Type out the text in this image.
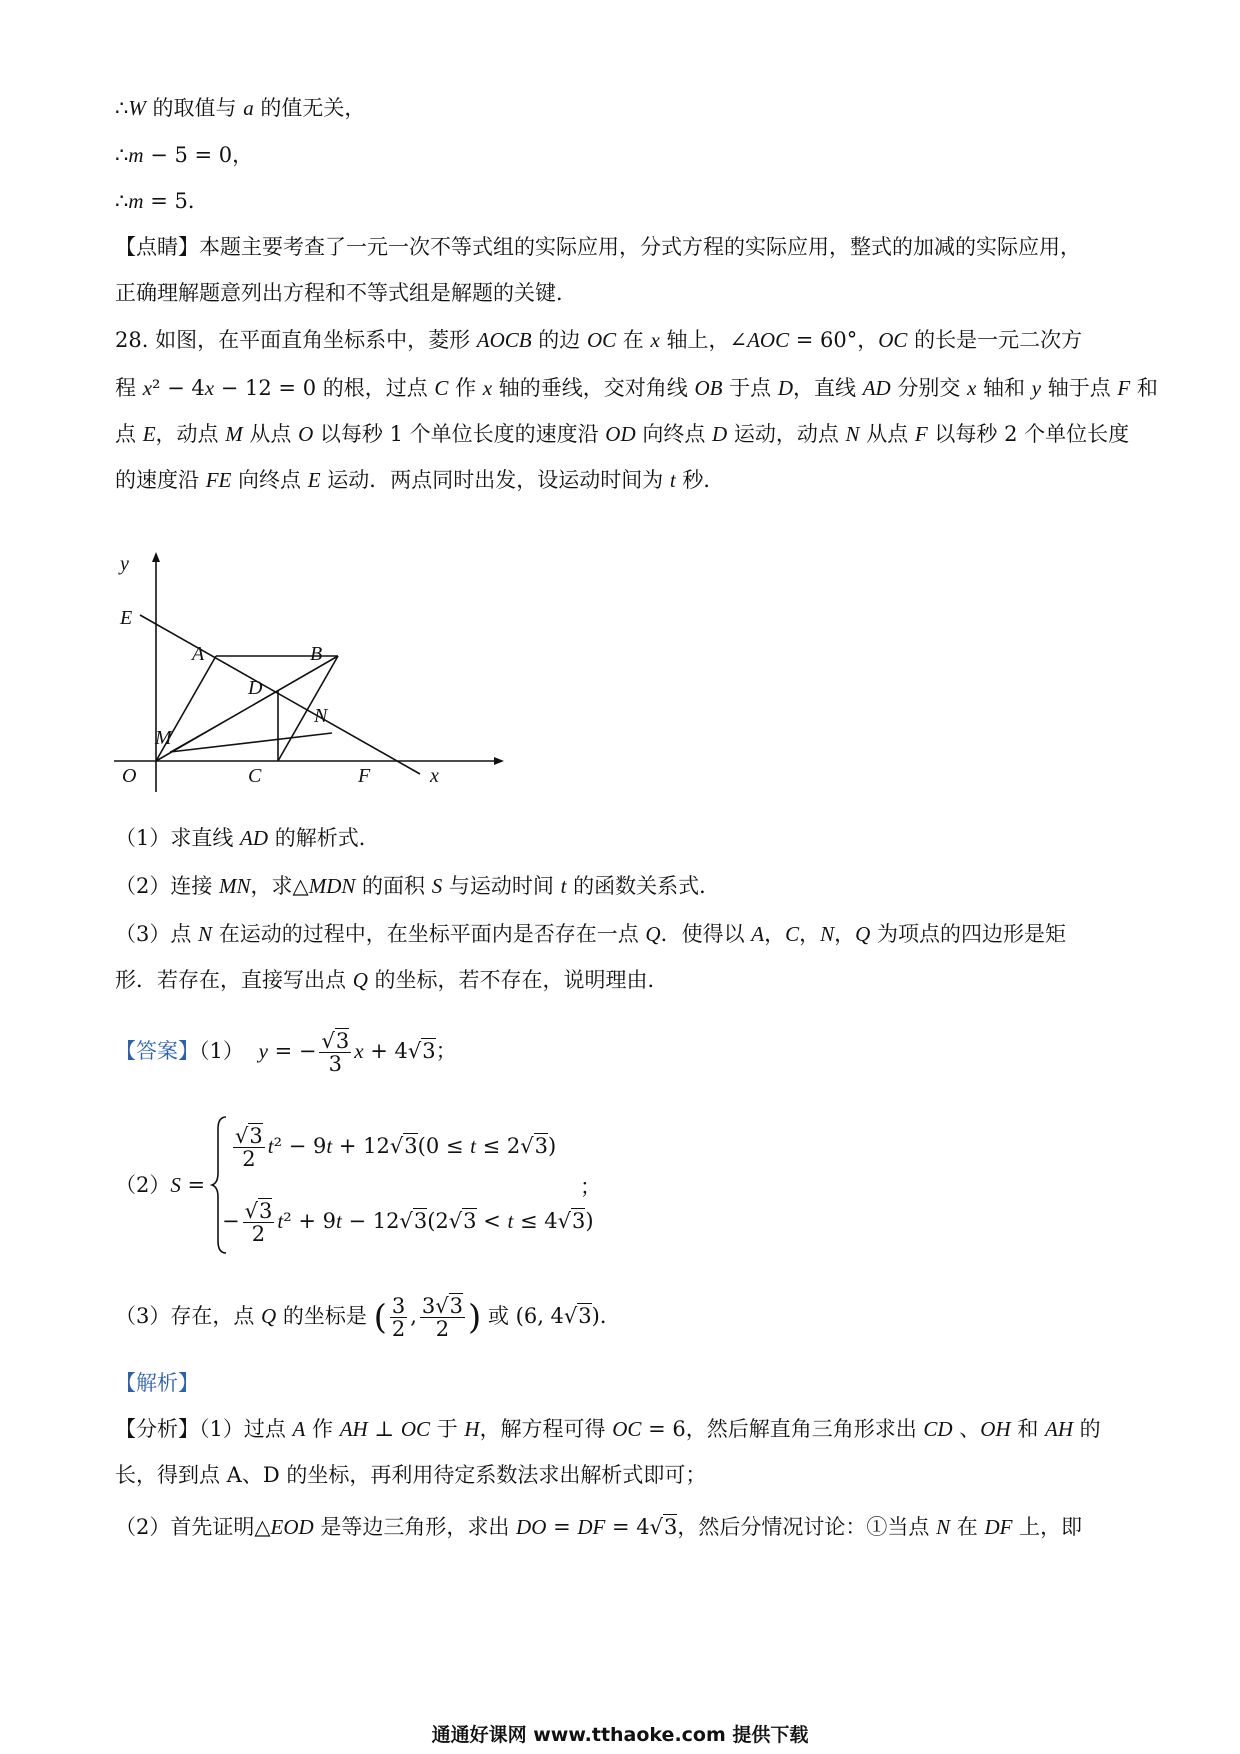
∴W 的取值与 a 的值无关，
∴m − 5 = 0，
∴m = 5．
【点睛】本题主要考查了一元一次不等式组的实际应用，分式方程的实际应用，整式的加减的实际应用，
正确理解题意列出方程和不等式组是解题的关键．
28. 如图，在平面直角坐标系中，菱形 AOCB 的边 OC 在 x 轴上，∠AOC = 60°，OC 的长是一元二次方
程 x² − 4x − 12 = 0 的根，过点 C 作 x 轴的垂线，交对角线 OB 于点 D，直线 AD 分别交 x 轴和 y 轴于点 F 和
点 E，动点 M 从点 O 以每秒 1 个单位长度的速度沿 OD 向终点 D 运动，动点 N 从点 F 以每秒 2 个单位长度
的速度沿 FE 向终点 E 运动．两点同时出发，设运动时间为 t 秒．
y
E
A	B
D
N
M
O	C	F	x
（1）求直线 AD 的解析式．
（2）连接 MN，求△MDN 的面积 S 与运动时间 t 的函数关系式．
（3）点 N 在运动的过程中，在坐标平面内是否存在一点 Q．使得以 A，C，N，Q 为项点的四边形是矩
形．若存在，直接写出点 Q 的坐标，若不存在，说明理由．
【答案】（1） y = − $\frac{√3}{3}$ x + 4√3；
（2）S =
$\frac{√3}{2} t^2 - 9t + 12√3(0 \le t \le 2√3)$
− $\frac{√3}{2} t^2 + 9t - 12√3(2√3 < t \le 4√3)$
；
（3）存在，点 Q 的坐标是 ( $\frac{3}{2}$ , $\frac{3√3}{2}$ ) 或 (6, 4√3)．
【解析】
【分析】（1）过点 A 作 AH ⊥ OC 于 H，解方程可得 OC = 6，然后解直角三角形求出 CD 、OH 和 AH 的
长，得到点 A、D 的坐标，再利用待定系数法求出解析式即可；
（2）首先证明△EOD 是等边三角形，求出 DO = DF = 4√3，然后分情况讨论：①当点 N 在 DF 上，即
通通好课网 www.tthaoke.com 提供下载
